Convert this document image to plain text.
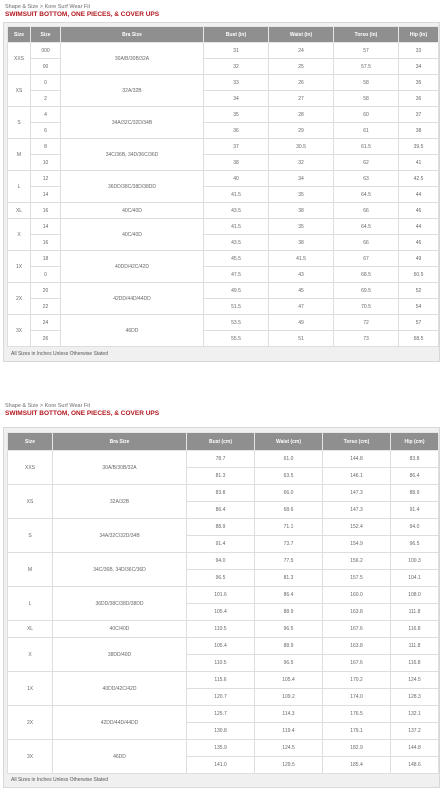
Shape & Size > Kore Surf Wear Fit
SWIMSUIT BOTTOM, ONE PIECES, & COVER UPS
Size	Size	Bra Size	Bust (in)	Waist (in)	Torso (in)	Hip (in)
XXS	000	30A/B/30B/32A	31	24	57	33
	00		32	25	57.5	34
XS	0	32A/32B	33	26	58	35
	2		34	27	58	36
S	4	34A/32C/32D/34B	35	28	60	37
	6		36	29	61	38
M	8	34C/36B, 34D/36C/36D	37	30.5	61.5	39.5
	10		38	32	62	41
L	12	36DD/38C/38D/38DD	40	34	63	42.5
	14		41.5	35	64.5	44
XL	16	40C/40D	43.5	38	66	46
X	14	40C/40D	41.5	35	64.5	44
	16		43.5	38	66	46
1X	18	40DD/42C/42D	45.5	41.5	67	49
	0		47.5	43	68.5	50.5
2X	20	42DD/44D/44DD	49.5	45	69.5	52
	22		51.5	47	70.5	54
3X	24	46DD	53.5	49	72	57
	26		55.5	51	73	58.5
All Sizes in Inches Unless Otherwise Stated
Shape & Size > Kore Surf Wear Fit
SWIMSUIT BOTTOM, ONE PIECES, & COVER UPS
Size	Bra Size	Bust (cm)	Waist (cm)	Torso (cm)	Hip (cm)
XXS	30A/B/30B/32A	78.7	61.0	144.8	83.8
		81.3	63.5	146.1	86.4
XS	32A/32B	83.8	66.0	147.3	88.9
		86.4	68.6	147.3	91.4
S	34A/32C/32D/34B	88.9	71.1	152.4	94.0
		91.4	73.7	154.9	96.5
M	34C/36B, 34D/36C/36D	94.0	77.5	156.2	100.3
		96.5	81.3	157.5	104.1
L	36DD/38C/38D/38DD	101.6	86.4	160.0	108.0
		105.4	88.9	163.8	111.8
XL	40C/40D	110.5	96.5	167.6	116.8
X	38DD/40D	105.4	88.9	163.8	111.8
		110.5	96.5	167.6	116.8
1X	40DD/42C/42D	115.6	105.4	170.2	124.5
		120.7	109.2	174.0	128.3
2X	42DD/44D/44DD	125.7	114.3	176.5	132.1
		130.8	119.4	179.1	137.2
3X	46DD	135.9	124.5	182.9	144.8
		141.0	129.5	185.4	148.6
All Sizes in Inches Unless Otherwise Stated
